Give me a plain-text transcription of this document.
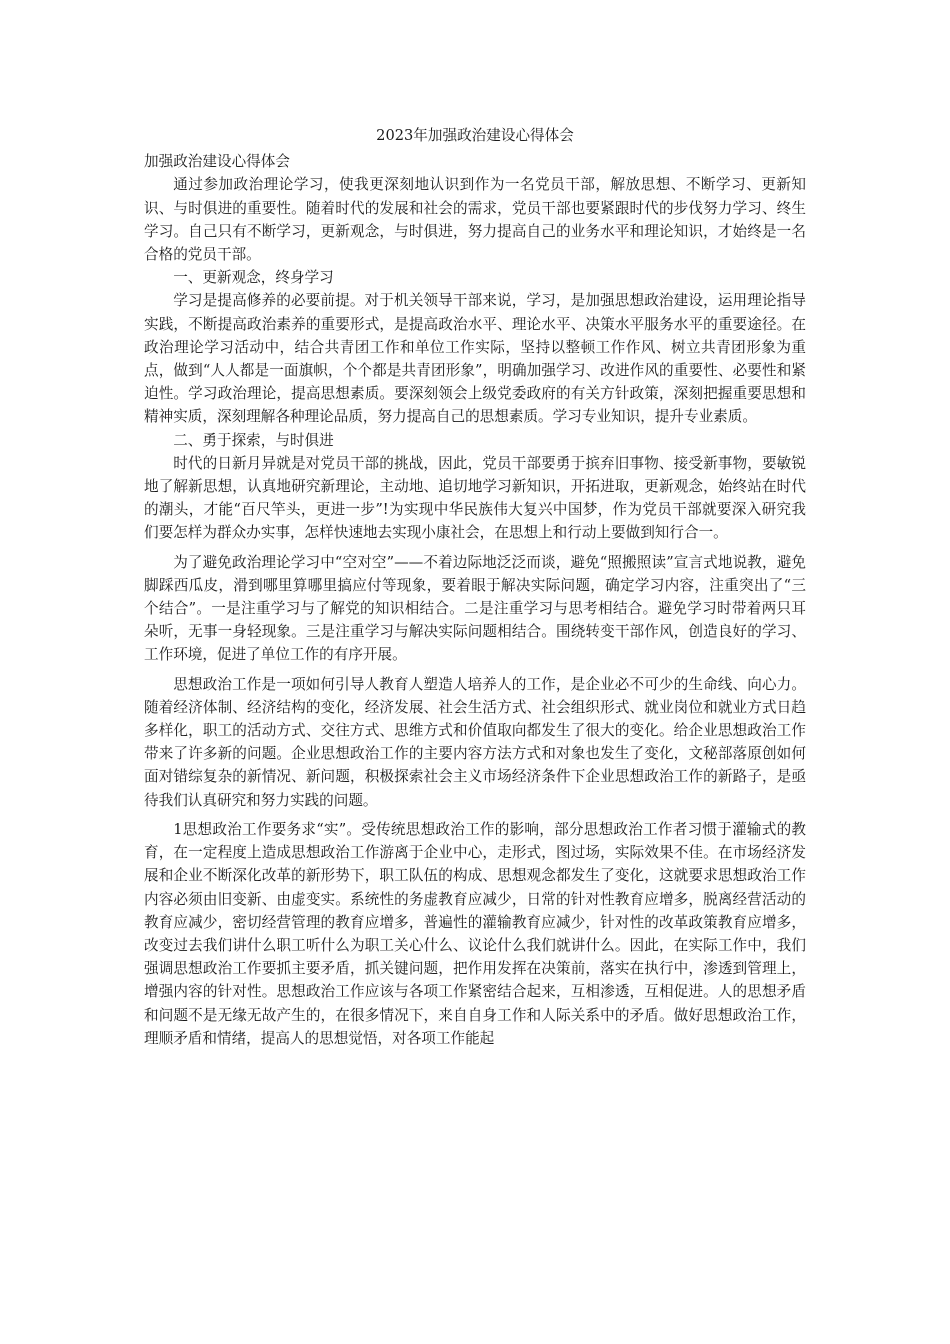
2023年加强政治建设心得体会

加强政治建设心得体会

通过参加政治理论学习，使我更深刻地认识到作为一名党员干部，解放思想、不断学习、更新知识、与时俱进的重要性。随着时代的发展和社会的需求，党员干部也要紧跟时代的步伐努力学习、终生学习。自己只有不断学习，更新观念，与时俱进，努力提高自己的业务水平和理论知识，才始终是一名合格的党员干部。

一、更新观念，终身学习

学习是提高修养的必要前提。对于机关领导干部来说，学习，是加强思想政治建设，运用理论指导实践，不断提高政治素养的重要形式，是提高政治水平、理论水平、决策水平服务水平的重要途径。在政治理论学习活动中，结合共青团工作和单位工作实际，坚持以整顿工作作风、树立共青团形象为重点，做到“人人都是一面旗帜，个个都是共青团形象”，明确加强学习、改进作风的重要性、必要性和紧迫性。学习政治理论，提高思想素质。要深刻领会上级党委政府的有关方针政策，深刻把握重要思想和精神实质，深刻理解各种理论品质，努力提高自己的思想素质。学习专业知识，提升专业素质。

二、勇于探索，与时俱进

时代的日新月异就是对党员干部的挑战，因此，党员干部要勇于摈弃旧事物、接受新事物，要敏锐地了解新思想，认真地研究新理论，主动地、追切地学习新知识，开拓进取，更新观念，始终站在时代的潮头，才能“百尺竿头，更进一步”!为实现中华民族伟大复兴中国梦，作为党员干部就要深入研究我们要怎样为群众办实事，怎样快速地去实现小康社会，在思想上和行动上要做到知行合一。

为了避免政治理论学习中“空对空”——不着边际地泛泛而谈，避免“照搬照读”宣言式地说教，避免脚踩西瓜皮，滑到哪里算哪里搞应付等现象，要着眼于解决实际问题，确定学习内容，注重突出了“三个结合”。一是注重学习与了解党的知识相结合。二是注重学习与思考相结合。避免学习时带着两只耳朵听，无事一身轻现象。三是注重学习与解决实际问题相结合。围绕转变干部作风，创造良好的学习、工作环境，促进了单位工作的有序开展。

思想政治工作是一项如何引导人教育人塑造人培养人的工作，是企业必不可少的生命线、向心力。随着经济体制、经济结构的变化，经济发展、社会生活方式、社会组织形式、就业岗位和就业方式日趋多样化，职工的活动方式、交往方式、思维方式和价值取向都发生了很大的变化。给企业思想政治工作带来了许多新的问题。企业思想政治工作的主要内容方法方式和对象也发生了变化，文秘部落原创如何面对错综复杂的新情况、新问题，积极探索社会主义市场经济条件下企业思想政治工作的新路子，是亟待我们认真研究和努力实践的问题。

1思想政治工作要务求“实”。受传统思想政治工作的影响，部分思想政治工作者习惯于灌输式的教育，在一定程度上造成思想政治工作游离于企业中心，走形式，图过场，实际效果不佳。在市场经济发展和企业不断深化改革的新形势下，职工队伍的构成、思想观念都发生了变化，这就要求思想政治工作内容必须由旧变新、由虚变实。系统性的务虚教育应减少，日常的针对性教育应增多，脱离经营活动的教育应减少，密切经营管理的教育应增多，普遍性的灌输教育应减少，针对性的改革政策教育应增多，改变过去我们讲什么职工听什么为职工关心什么、议论什么我们就讲什么。因此，在实际工作中，我们强调思想政治工作要抓主要矛盾，抓关键问题，把作用发挥在决策前，落实在执行中，渗透到管理上，增强内容的针对性。思想政治工作应该与各项工作紧密结合起来，互相渗透，互相促进。人的思想矛盾和问题不是无缘无故产生的，在很多情况下，来自自身工作和人际关系中的矛盾。做好思想政治工作，理顺矛盾和情绪，提高人的思想觉悟，对各项工作能起
